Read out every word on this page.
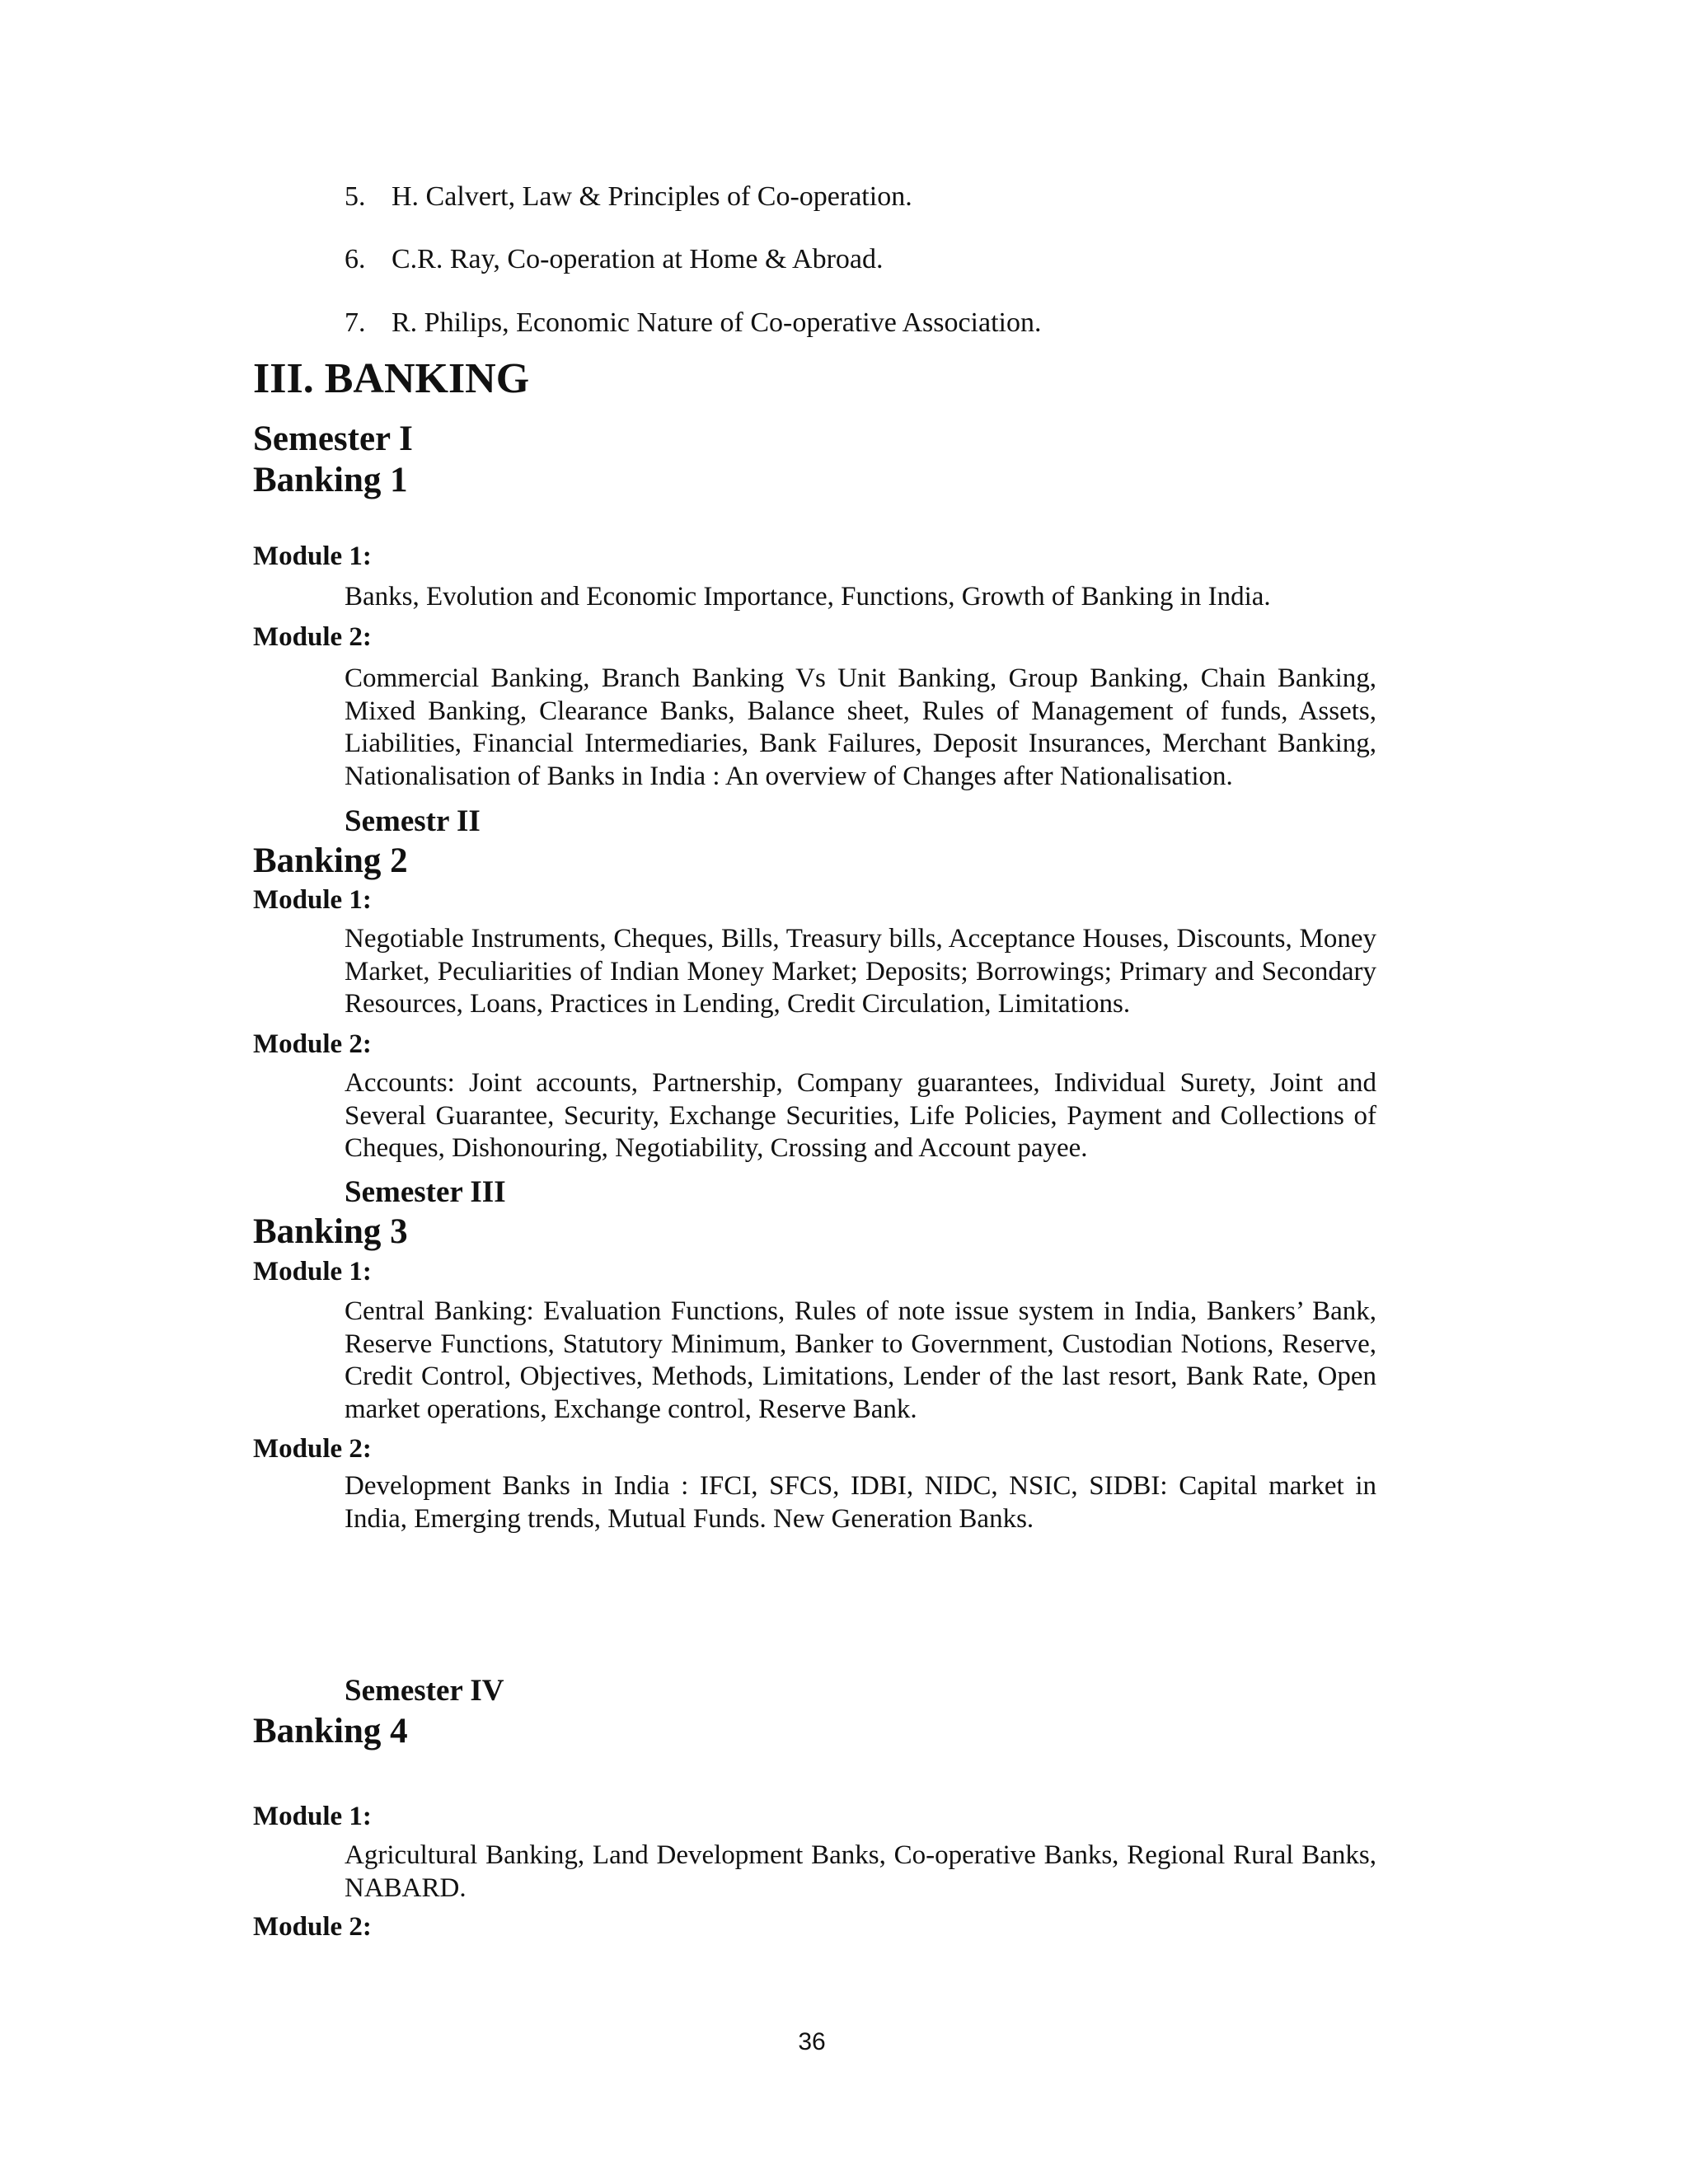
5. H. Calvert, Law & Principles of Co-operation.
6. C.R. Ray, Co-operation at Home & Abroad.
7. R. Philips, Economic Nature of Co-operative Association.
III. BANKING
Semester I
Banking 1
Module 1:
Banks, Evolution and Economic Importance, Functions, Growth of Banking in India.
Module 2:
Commercial Banking, Branch Banking Vs Unit Banking, Group Banking, Chain Banking, Mixed Banking, Clearance Banks, Balance sheet, Rules of Management of funds, Assets, Liabilities, Financial Intermediaries, Bank Failures, Deposit Insurances, Merchant Banking, Nationalisation of Banks in India : An overview of Changes after Nationalisation.
Semestr II
Banking 2
Module 1:
Negotiable Instruments, Cheques, Bills, Treasury bills, Acceptance Houses, Discounts, Money Market, Peculiarities of Indian Money Market; Deposits; Borrowings; Primary and Secondary Resources, Loans, Practices in Lending, Credit Circulation, Limitations.
Module 2:
Accounts: Joint accounts, Partnership, Company guarantees, Individual Surety, Joint and Several Guarantee, Security, Exchange Securities, Life Policies, Payment and Collections of Cheques, Dishonouring, Negotiability, Crossing and Account payee.
Semester III
Banking 3
Module 1:
Central Banking: Evaluation Functions, Rules of note issue system in India, Bankers’ Bank, Reserve Functions, Statutory Minimum, Banker to Government, Custodian Notions, Reserve, Credit Control, Objectives, Methods, Limitations, Lender of the last resort, Bank Rate, Open market operations, Exchange control, Reserve Bank.
Module 2:
Development Banks in India : IFCI, SFCS, IDBI, NIDC, NSIC, SIDBI: Capital market in India, Emerging trends, Mutual Funds. New Generation Banks.
Semester IV
Banking 4
Module 1:
Agricultural Banking, Land Development Banks, Co-operative Banks, Regional Rural Banks, NABARD.
Module 2:
36
